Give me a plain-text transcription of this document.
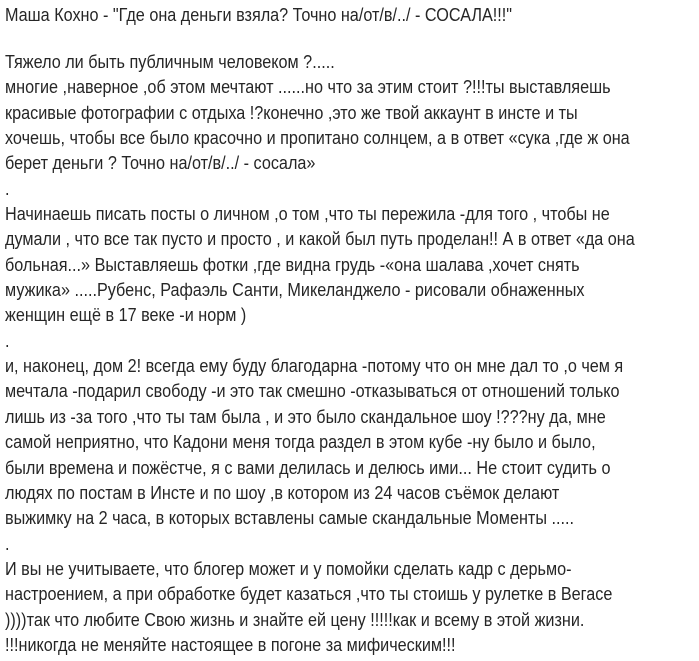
Маша Кохно - "Где она деньги взяла? Точно на/от/в/../ - СОСАЛА!!!"
Тяжело ли быть публичным человеком ?.....
многие ,наверное ,об этом мечтают ......но что за этим стоит ?!!!ты выставляешь
красивые фотографии с отдыха !?конечно ,это же твой аккаунт в инсте и ты
хочешь, чтобы все было красочно и пропитано солнцем, а в ответ «сука ,где ж она
берет деньги ? Точно на/от/в/../ - сосала»
.
Начинаешь писать посты о личном ,о том ,что ты пережила -для того , чтобы не
думали , что все так пусто и просто , и какой был путь проделан!! А в ответ «да она
больная...» Выставляешь фотки ,где видна грудь -«она шалава ,хочет снять
мужика» .....Рубенс, Рафаэль Санти, Микеланджело - рисовали обнаженных
женщин ещё в 17 веке -и норм )
.
и, наконец, дом 2! всегда ему буду благодарна -потому что он мне дал то ,о чем я
мечтала -подарил свободу -и это так смешно -отказываться от отношений только
лишь из -за того ,что ты там была , и это было скандальное шоу !???ну да, мне
самой неприятно, что Кадони меня тогда раздел в этом кубе -ну было и было,
были времена и пожёстче, я с вами делилась и делюсь ими... Не стоит судить о
людях по постам в Инсте и по шоу ,в котором из 24 часов съёмок делают
выжимку на 2 часа, в которых вставлены самые скандальные Моменты .....
.
И вы не учитываете, что блогер может и у помойки сделать кадр с дерьмо-
настроением, а при обработке будет казаться ,что ты стоишь у рулетке в Вегасе
))))так что любите Свою жизнь и знайте ей цену !!!!!как и всему в этой жизни.
!!!никогда не меняйте настоящее в погоне за мифическим!!!
